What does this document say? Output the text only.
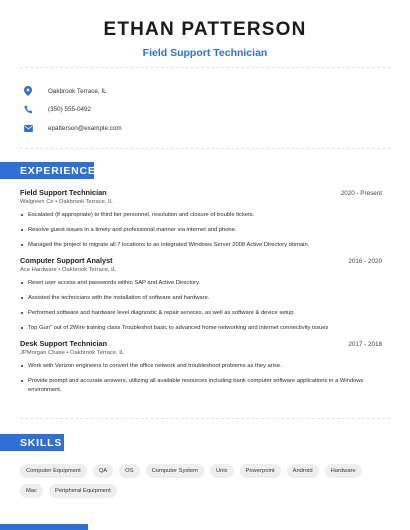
ETHAN PATTERSON
Field Support Technician
Oakbrook Terrace, IL
(350) 555-0492
epatterson@example.com
EXPERIENCE
Field Support Technician	2020 - Present
Walgreen Co • Oakbrook Terrace, IL
Escalated (if appropriate) to third tier personnel, resolution and closure of trouble tickets.
Resolve guest issues in a timely and professional manner via internet and phone.
Managed the project to migrate all 7 locations to an integrated Windows Server 2008 Active Directory domain.
Computer Support Analyst	2016 - 2020
Ace Hardware • Oakbrook Terrace, IL
Reset user access and passwords within SAP and Active Directory.
Assisted the technicians with the installation of software and hardware.
Performed software and hardware level diagnostic & repair services, as well as software & device setup.
Top Gun" out of 2Wire training class Troubleshot basic to advanced home networking and internet connectivity issues
Desk Support Technician	2017 - 2018
JPMorgan Chase • Oakbrook Terrace, IL
Work with Verizon engineers to convert the office network and troubleshoot problems as they arise.
Provide prompt and accurate answers, utilizing all available resources including bank computer software applications in a Windows environment.
SKILLS
Computer Equipment	QA	OS	Computer System	Unix	Powerpoint	Android	Hardware
Mac	Peripheral Equipment
